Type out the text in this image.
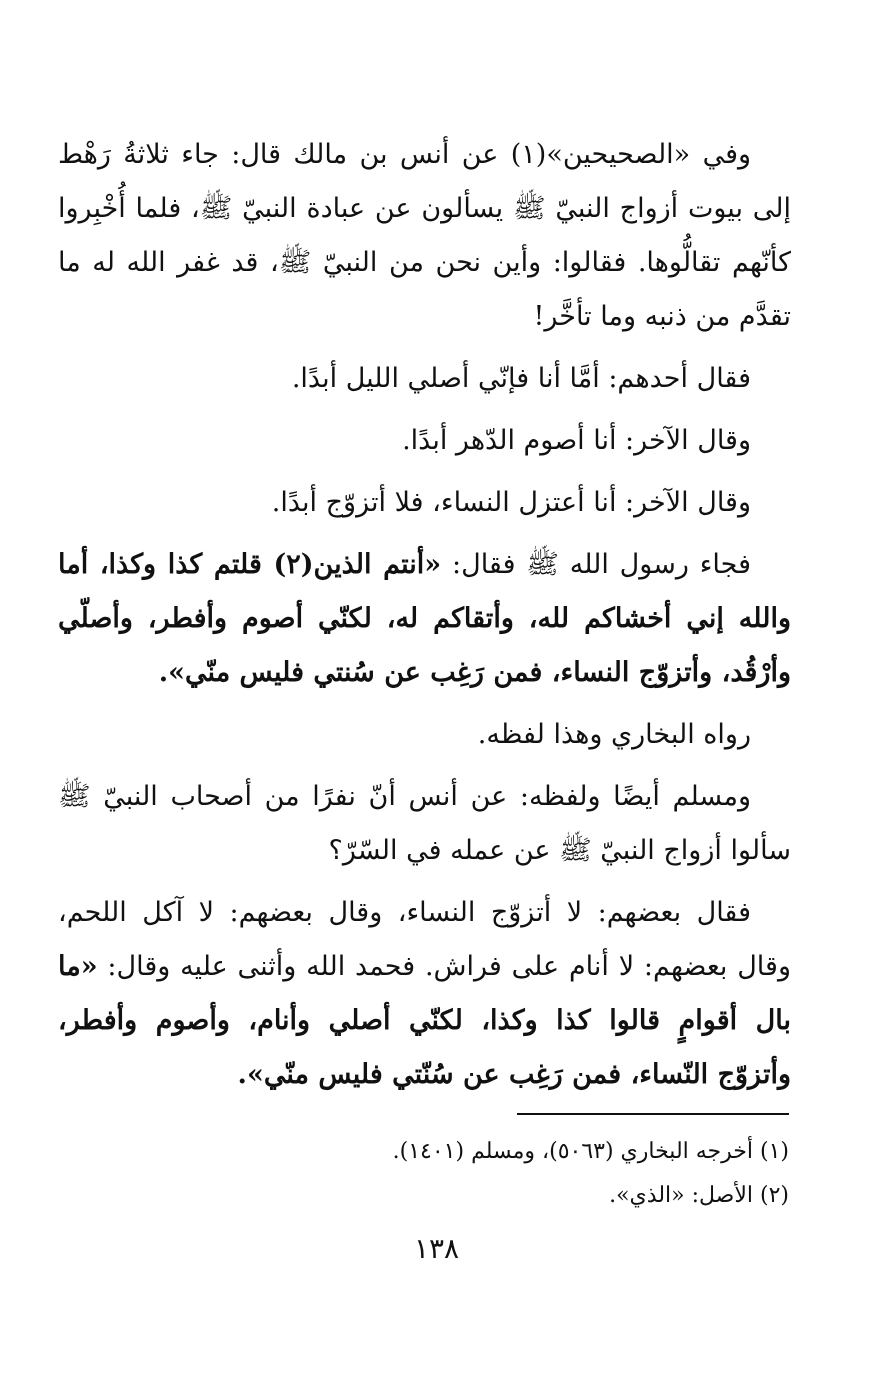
وفي «الصحيحين»(١) عن أنس بن مالك قال: جاء ثلاثةُ رَهْط إلى بيوت أزواج النبيّ ﷺ يسألون عن عبادة النبيّ ﷺ، فلما أُخْبِروا كأنّهم تقالُّوها. فقالوا: وأين نحن من النبيّ ﷺ، قد غفر الله له ما تقدَّم من ذنبه وما تأخَّر!

فقال أحدهم: أمَّا أنا فإنّي أصلي الليل أبدًا.

وقال الآخر: أنا أصوم الدّهر أبدًا.

وقال الآخر: أنا أعتزل النساء، فلا أتزوّج أبدًا.

فجاء رسول الله ﷺ فقال: «أنتم الذين(٢) قلتم كذا وكذا، أما والله إني أخشاكم لله، وأتقاكم له، لكنّي أصوم وأفطر، وأصلّي وأرْقُد، وأتزوّج النساء، فمن رَغِب عن سُنتي فليس منّي».

رواه البخاري وهذا لفظه.

ومسلم أيضًا ولفظه: عن أنس أنّ نفرًا من أصحاب النبيّ ﷺ سألوا أزواج النبيّ ﷺ عن عمله في السّرّ؟

فقال بعضهم: لا أتزوّج النساء، وقال بعضهم: لا آكل اللحم، وقال بعضهم: لا أنام على فراش. فحمد الله وأثنى عليه وقال: «ما بال أقوامٍ قالوا كذا وكذا، لكنّي أصلي وأنام، وأصوم وأفطر، وأتزوّج النّساء، فمن رَغِب عن سُنّتي فليس منّي».

(١) أخرجه البخاري (٥٠٦٣)، ومسلم (١٤٠١).

(٢) الأصل: «الذي».

١٣٨
